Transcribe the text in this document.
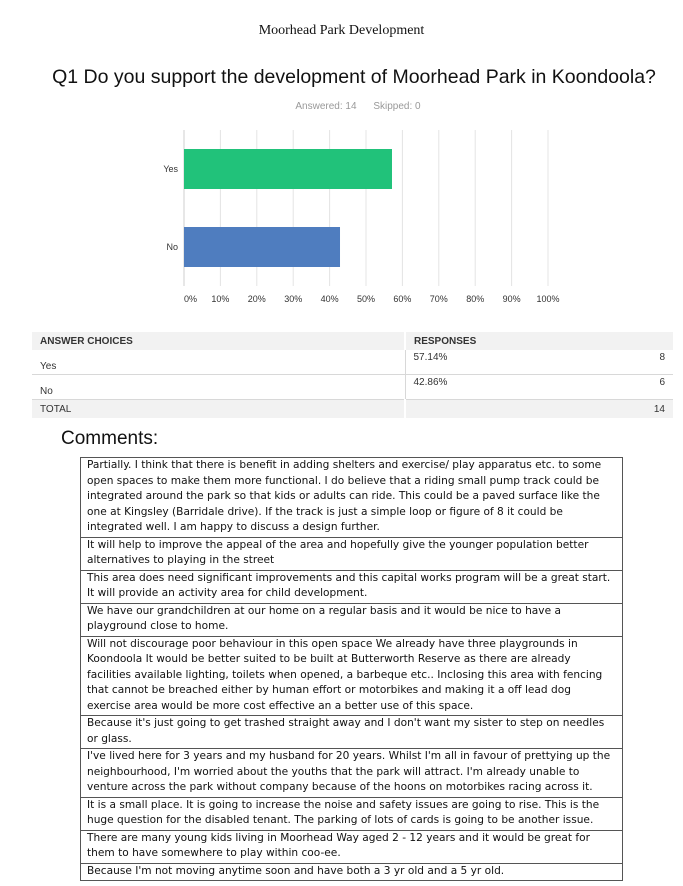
Moorhead Park Development
Q1 Do you support the development of Moorhead Park in Koondoola?
Answered: 14 Skipped: 0
Yes
No
0% 10% 20% 30% 40% 50% 60% 70% 80% 90% 100%
ANSWER CHOICES	RESPONSES	
Yes	57.14%	8
No	42.86%	6
TOTAL		14
Comments:
Partially. I think that there is benefit in adding shelters and exercise/ play apparatus etc. to some open spaces to make them more functional. I do believe that a riding small pump track could be integrated around the park so that kids or adults can ride. This could be a paved surface like the one at Kingsley (Barridale drive). If the track is just a simple loop or figure of 8 it could be integrated well. I am happy to discuss a design further.
It will help to improve the appeal of the area and hopefully give the younger population better alternatives to playing in the street
This area does need significant improvements and this capital works program will be a great start. It will provide an activity area for child development.
We have our grandchildren at our home on a regular basis and it would be nice to have a playground close to home.
Will not discourage poor behaviour in this open space We already have three playgrounds in Koondoola It would be better suited to be built at Butterworth Reserve as there are already facilities available lighting, toilets when opened, a barbeque etc.. Inclosing this area with fencing that cannot be breached either by human effort or motorbikes and making it a off lead dog exercise area would be more cost effective an a better use of this space.
Because it's just going to get trashed straight away and I don't want my sister to step on needles or glass.
I've lived here for 3 years and my husband for 20 years. Whilst I'm all in favour of prettying up the neighbourhood, I'm worried about the youths that the park will attract. I'm already unable to venture across the park without company because of the hoons on motorbikes racing across it.
It is a small place. It is going to increase the noise and safety issues are going to rise. This is the huge question for the disabled tenant. The parking of lots of cards is going to be another issue.
There are many young kids living in Moorhead Way aged 2 - 12 years and it would be great for them to have somewhere to play within coo-ee.
Because I'm not moving anytime soon and have both a 3 yr old and a 5 yr old.
